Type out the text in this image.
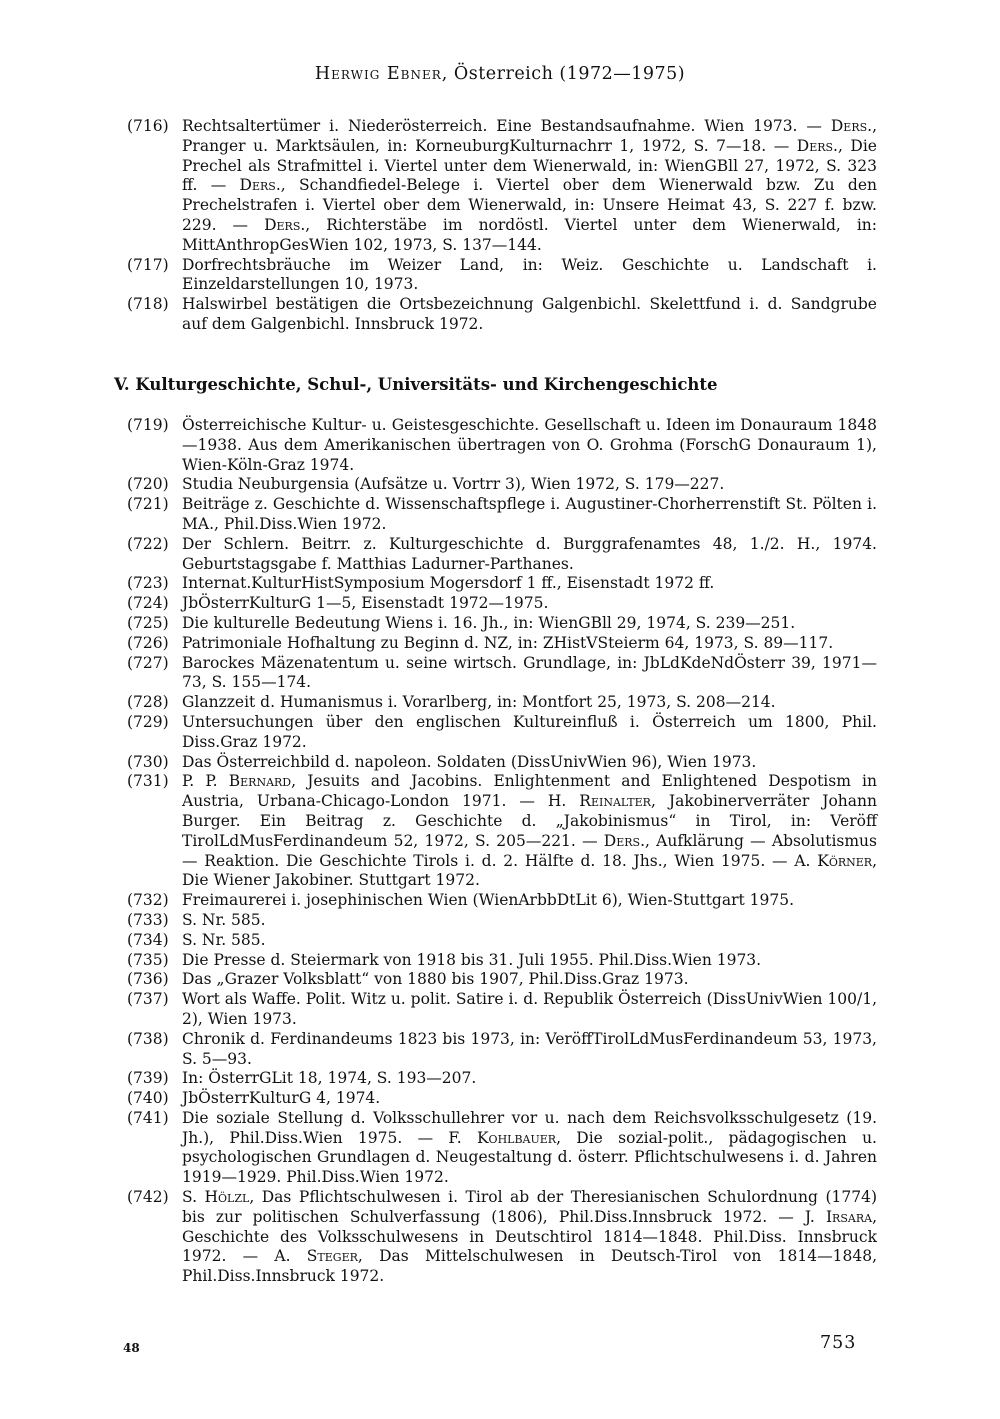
Herwig Ebner, Österreich (1972—1975)
(716) Rechtsaltertümer i. Niederösterreich. Eine Bestandsaufnahme. Wien 1973. — Ders., Pranger u. Marktsäulen, in: KorneuburgKulturnachrr 1, 1972, S. 7—18. — Ders., Die Prechel als Strafmittel i. Viertel unter dem Wienerwald, in: WienGBll 27, 1972, S. 323 ff. — Ders., Schandfiedel-Belege i. Viertel ober dem Wienerwald bzw. Zu den Prechelstrafen i. Viertel ober dem Wienerwald, in: Unsere Heimat 43, S. 227 f. bzw. 229. — Ders., Richterstäbe im nordöstl. Viertel unter dem Wienerwald, in: MittAnthropGesWien 102, 1973, S. 137—144.
(717) Dorfrechtsbräuche im Weizer Land, in: Weiz. Geschichte u. Landschaft i. Einzeldarstellungen 10, 1973.
(718) Halswirbel bestätigen die Ortsbezeichnung Galgenbichl. Skelettfund i. d. Sandgrube auf dem Galgenbichl. Innsbruck 1972.
V. Kulturgeschichte, Schul-, Universitäts- und Kirchengeschichte
(719) Österreichische Kultur- u. Geistesgeschichte. Gesellschaft u. Ideen im Donauraum 1848—1938. Aus dem Amerikanischen übertragen von O. Grohma (ForschG Donauraum 1), Wien-Köln-Graz 1974.
(720) Studia Neuburgensia (Aufsätze u. Vortrr 3), Wien 1972, S. 179—227.
(721) Beiträge z. Geschichte d. Wissenschaftspflege i. Augustiner-Chorherrenstift St. Pölten i. MA., Phil.Diss.Wien 1972.
(722) Der Schlern. Beitrr. z. Kulturgeschichte d. Burggrafenamtes 48, 1./2. H., 1974. Geburtstagsgabe f. Matthias Ladurner-Parthanes.
(723) Internat.KulturHistSymposium Mogersdorf 1 ff., Eisenstadt 1972 ff.
(724) JbÖsterrKulturG 1—5, Eisenstadt 1972—1975.
(725) Die kulturelle Bedeutung Wiens i. 16. Jh., in: WienGBll 29, 1974, S. 239—251.
(726) Patrimoniale Hofhaltung zu Beginn d. NZ, in: ZHistVSteierm 64, 1973, S. 89—117.
(727) Barockes Mäzenatentum u. seine wirtsch. Grundlage, in: JbLdKdeNdÖsterr 39, 1971—73, S. 155—174.
(728) Glanzzeit d. Humanismus i. Vorarlberg, in: Montfort 25, 1973, S. 208—214.
(729) Untersuchungen über den englischen Kultureinfluß i. Österreich um 1800, Phil. Diss.Graz 1972.
(730) Das Österreichbild d. napoleon. Soldaten (DissUnivWien 96), Wien 1973.
(731) P. P. Bernard, Jesuits and Jacobins. Enlightenment and Enlightened Despotism in Austria, Urbana-Chicago-London 1971. — H. Reinalter, Jakobinerverräter Johann Burger. Ein Beitrag z. Geschichte d. „Jakobinismus“ in Tirol, in: Veröff TirolLdMusFerdinandeum 52, 1972, S. 205—221. — Ders., Aufklärung — Absolutismus — Reaktion. Die Geschichte Tirols i. d. 2. Hälfte d. 18. Jhs., Wien 1975. — A. Körner, Die Wiener Jakobiner. Stuttgart 1972.
(732) Freimaurerei i. josephinischen Wien (WienArbbDtLit 6), Wien-Stuttgart 1975.
(733) S. Nr. 585.
(734) S. Nr. 585.
(735) Die Presse d. Steiermark von 1918 bis 31. Juli 1955. Phil.Diss.Wien 1973.
(736) Das „Grazer Volksblatt“ von 1880 bis 1907, Phil.Diss.Graz 1973.
(737) Wort als Waffe. Polit. Witz u. polit. Satire i. d. Republik Österreich (DissUnivWien 100/1, 2), Wien 1973.
(738) Chronik d. Ferdinandeums 1823 bis 1973, in: VeröffTirolLdMusFerdinandeum 53, 1973, S. 5—93.
(739) In: ÖsterrGLit 18, 1974, S. 193—207.
(740) JbÖsterrKulturG 4, 1974.
(741) Die soziale Stellung d. Volksschullehrer vor u. nach dem Reichsvolksschulgesetz (19. Jh.), Phil.Diss.Wien 1975. — F. Kohlbauer, Die sozial-polit., pädagogischen u. psychologischen Grundlagen d. Neugestaltung d. österr. Pflichtschulwesens i. d. Jahren 1919—1929. Phil.Diss.Wien 1972.
(742) S. Hölzl, Das Pflichtschulwesen i. Tirol ab der Theresianischen Schulordnung (1774) bis zur politischen Schulverfassung (1806), Phil.Diss.Innsbruck 1972. — J. Irsara, Geschichte des Volksschulwesens in Deutschtirol 1814—1848. Phil.Diss. Innsbruck 1972. — A. Steger, Das Mittelschulwesen in Deutsch-Tirol von 1814—1848, Phil.Diss.Innsbruck 1972.
48	753
